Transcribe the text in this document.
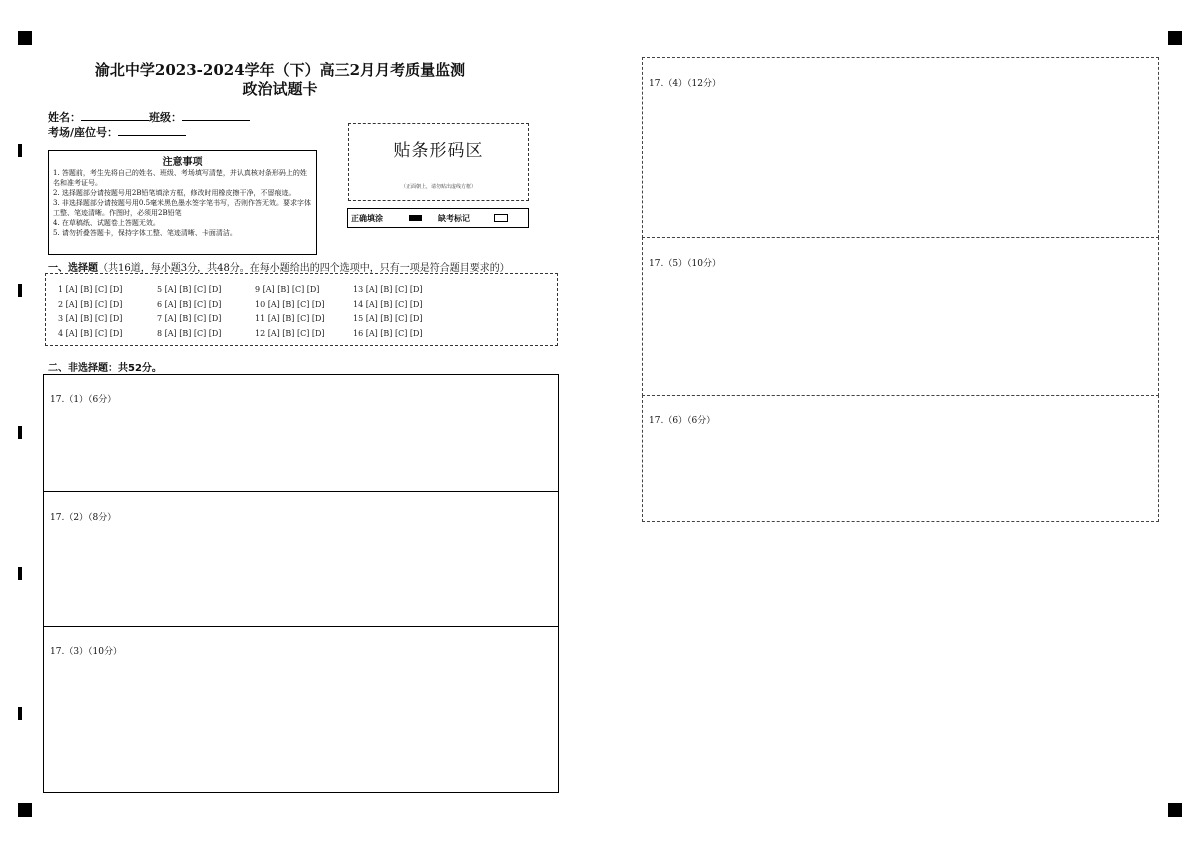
渝北中学2023-2024学年（下）高三2月月考质量监测
政治试题卡
姓名：	班级：
考场/座位号：
注意事项
1. 答题前，考生先将自己的姓名、班级、考场填写清楚，并认真核对条形码上的姓名和准考证号。
2. 选择题部分请按题号用2B铅笔填涂方框，修改时用橡皮擦干净，不留痕迹。
3. 非选择题部分请按题号用0.5毫米黑色墨水签字笔书写，否则作答无效。要求字体工整、笔迹清晰。作图时，必须用2B铅笔
4. 在草稿纸、试题卷上答题无效。
5. 请勿折叠答题卡，保持字体工整、笔迹清晰、卡面清洁。
贴条形码区
（正面朝上，请勿贴出虚线方框）
正确填涂	缺考标记
一、选择题（共16道，每小题3分，共48分。在每小题给出的四个选项中，只有一项是符合题目要求的）
1 [A] [B] [C] [D]
2 [A] [B] [C] [D]
3 [A] [B] [C] [D]
4 [A] [B] [C] [D]
5 [A] [B] [C] [D]
6 [A] [B] [C] [D]
7 [A] [B] [C] [D]
8 [A] [B] [C] [D]
9 [A] [B] [C] [D]
10 [A] [B] [C] [D]
11 [A] [B] [C] [D]
12 [A] [B] [C] [D]
13 [A] [B] [C] [D]
14 [A] [B] [C] [D]
15 [A] [B] [C] [D]
16 [A] [B] [C] [D]
二、非选择题：共52分。
17.（1）（6分）
17.（2）（8分）
17.（3）（10分）
17.（4）（12分）
17.（5）（10分）
17.（6）（6分）
